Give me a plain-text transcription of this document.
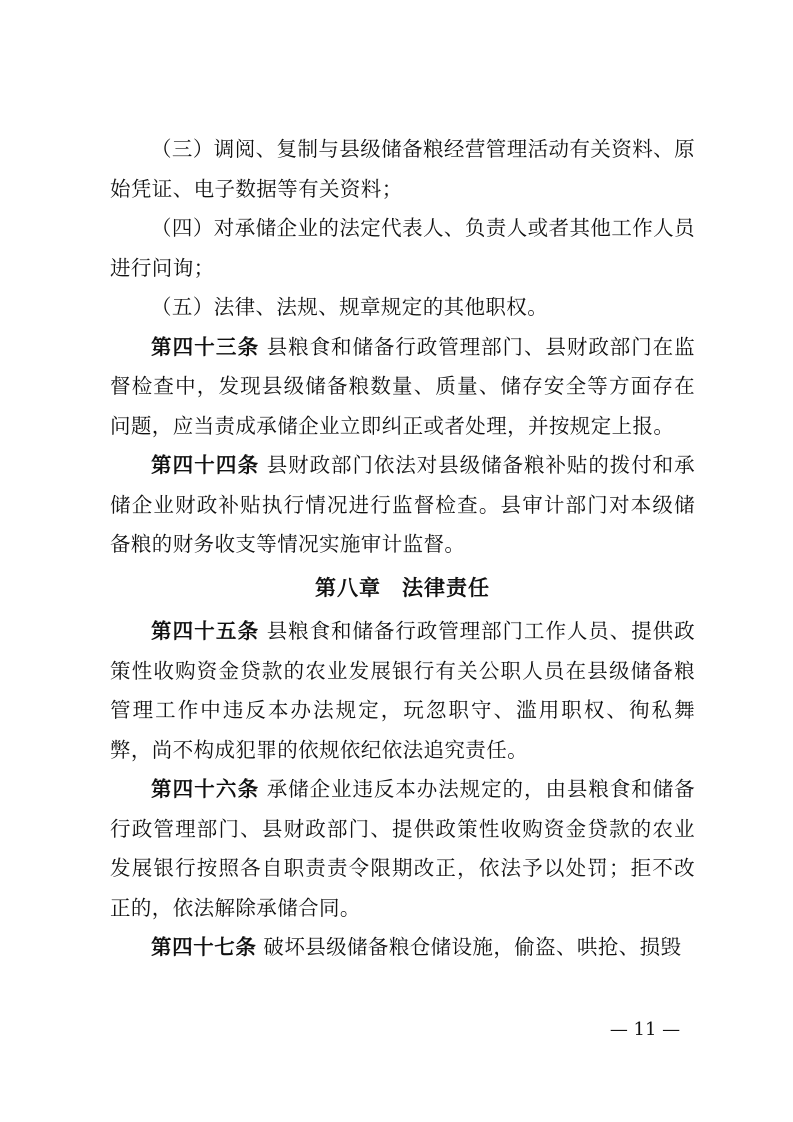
（三）调阅、复制与县级储备粮经营管理活动有关资料、原始凭证、电子数据等有关资料；

（四）对承储企业的法定代表人、负责人或者其他工作人员进行问询；

（五）法律、法规、规章规定的其他职权。

第四十三条 县粮食和储备行政管理部门、县财政部门在监督检查中，发现县级储备粮数量、质量、储存安全等方面存在问题，应当责成承储企业立即纠正或者处理，并按规定上报。

第四十四条 县财政部门依法对县级储备粮补贴的拨付和承储企业财政补贴执行情况进行监督检查。县审计部门对本级储备粮的财务收支等情况实施审计监督。

第八章 法律责任

第四十五条 县粮食和储备行政管理部门工作人员、提供政策性收购资金贷款的农业发展银行有关公职人员在县级储备粮管理工作中违反本办法规定，玩忽职守、滥用职权、徇私舞弊，尚不构成犯罪的依规依纪依法追究责任。

第四十六条 承储企业违反本办法规定的，由县粮食和储备行政管理部门、县财政部门、提供政策性收购资金贷款的农业发展银行按照各自职责责令限期改正，依法予以处罚；拒不改正的，依法解除承储合同。

第四十七条 破坏县级储备粮仓储设施，偷盗、哄抢、损毁

— 11 —
